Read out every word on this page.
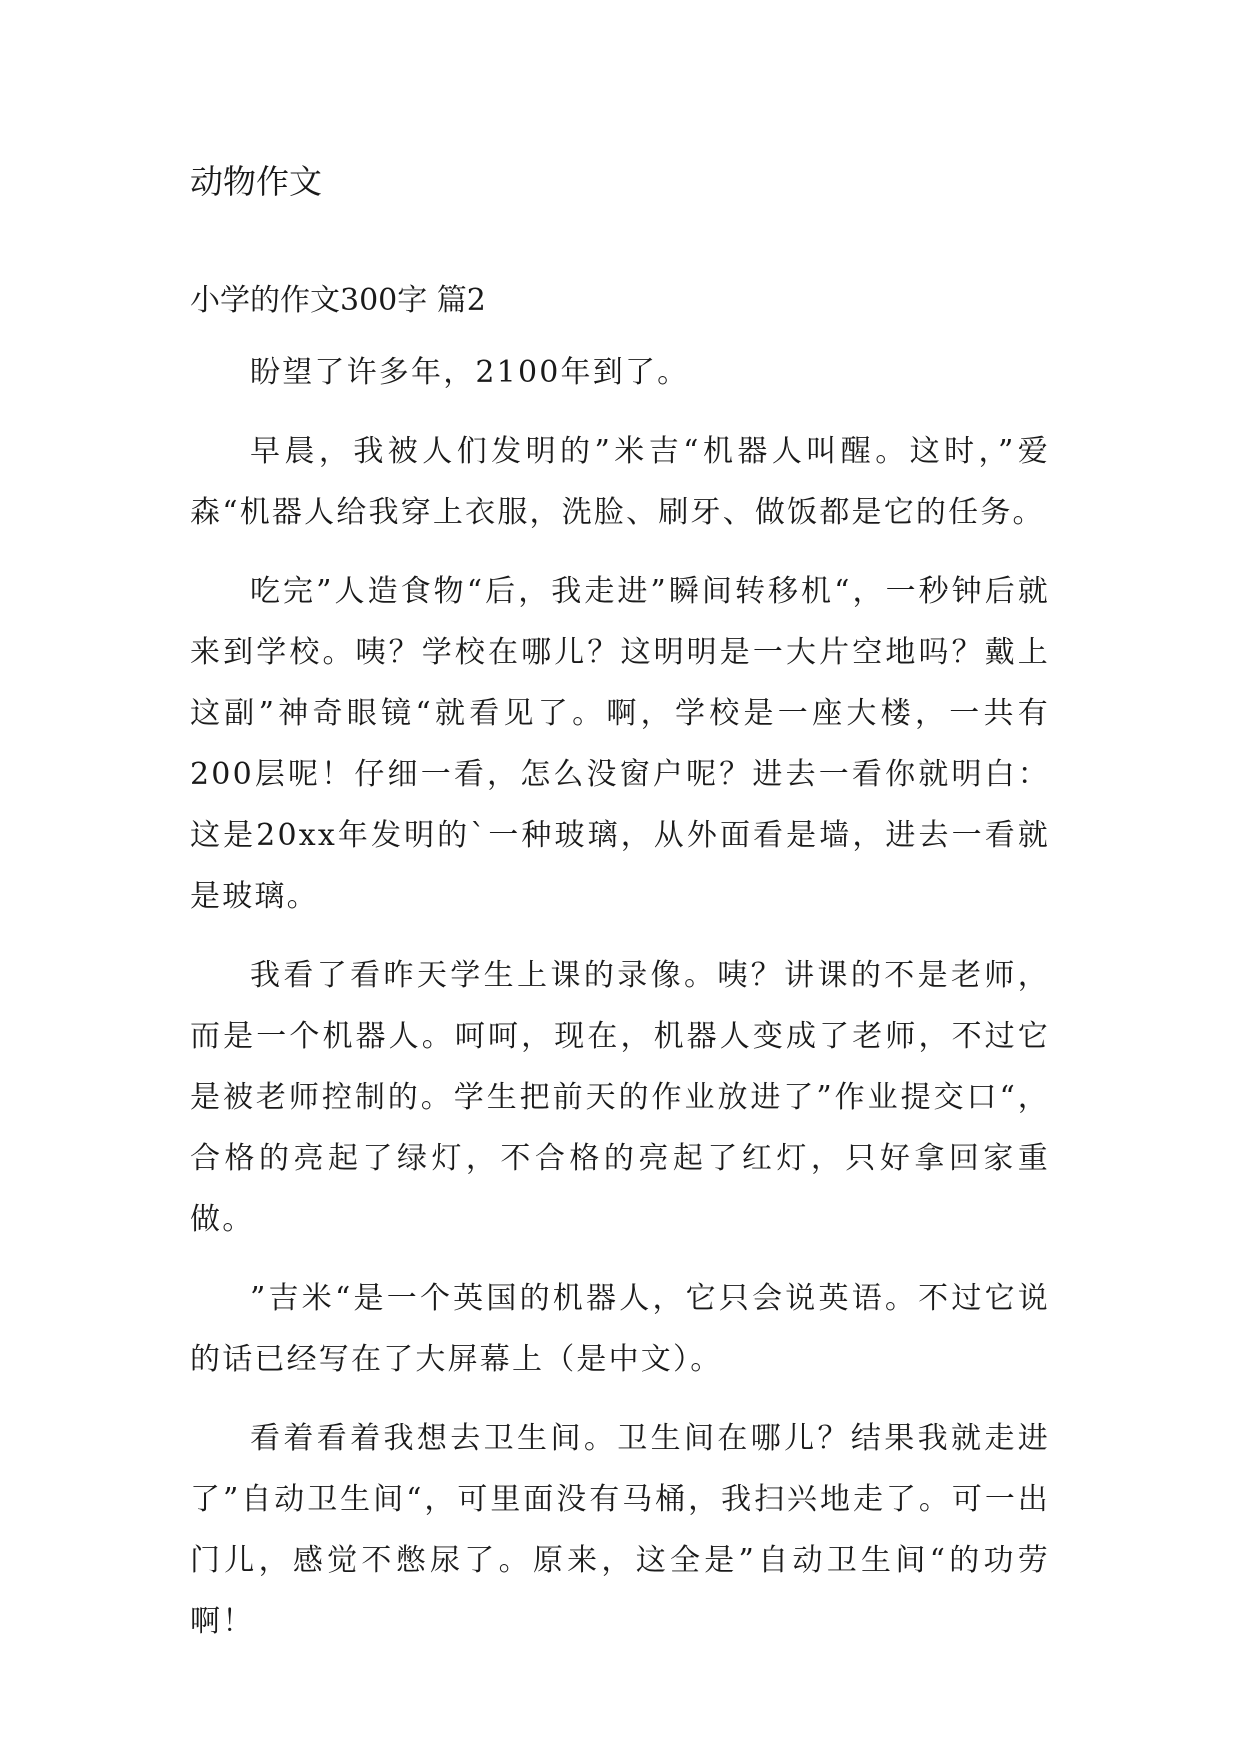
动物作文
小学的作文300字 篇2

盼望了许多年，2100年到了。

早晨，我被人们发明的”米吉“机器人叫醒。这时，”爱森“机器人给我穿上衣服，洗脸、刷牙、做饭都是它的任务。

吃完”人造食物“后，我走进”瞬间转移机“，一秒钟后就来到学校。咦？学校在哪儿？这明明是一大片空地吗？戴上这副”神奇眼镜“就看见了。啊，学校是一座大楼，一共有200层呢！仔细一看，怎么没窗户呢？进去一看你就明白：这是20xx年发明的`一种玻璃，从外面看是墙，进去一看就是玻璃。

我看了看昨天学生上课的录像。咦？讲课的不是老师，而是一个机器人。呵呵，现在，机器人变成了老师，不过它是被老师控制的。学生把前天的作业放进了”作业提交口“，合格的亮起了绿灯，不合格的亮起了红灯，只好拿回家重做。

”吉米“是一个英国的机器人，它只会说英语。不过它说的话已经写在了大屏幕上（是中文）。

看着看着我想去卫生间。卫生间在哪儿？结果我就走进了”自动卫生间“，可里面没有马桶，我扫兴地走了。可一出门儿，感觉不憋尿了。原来，这全是”自动卫生间“的功劳啊！
